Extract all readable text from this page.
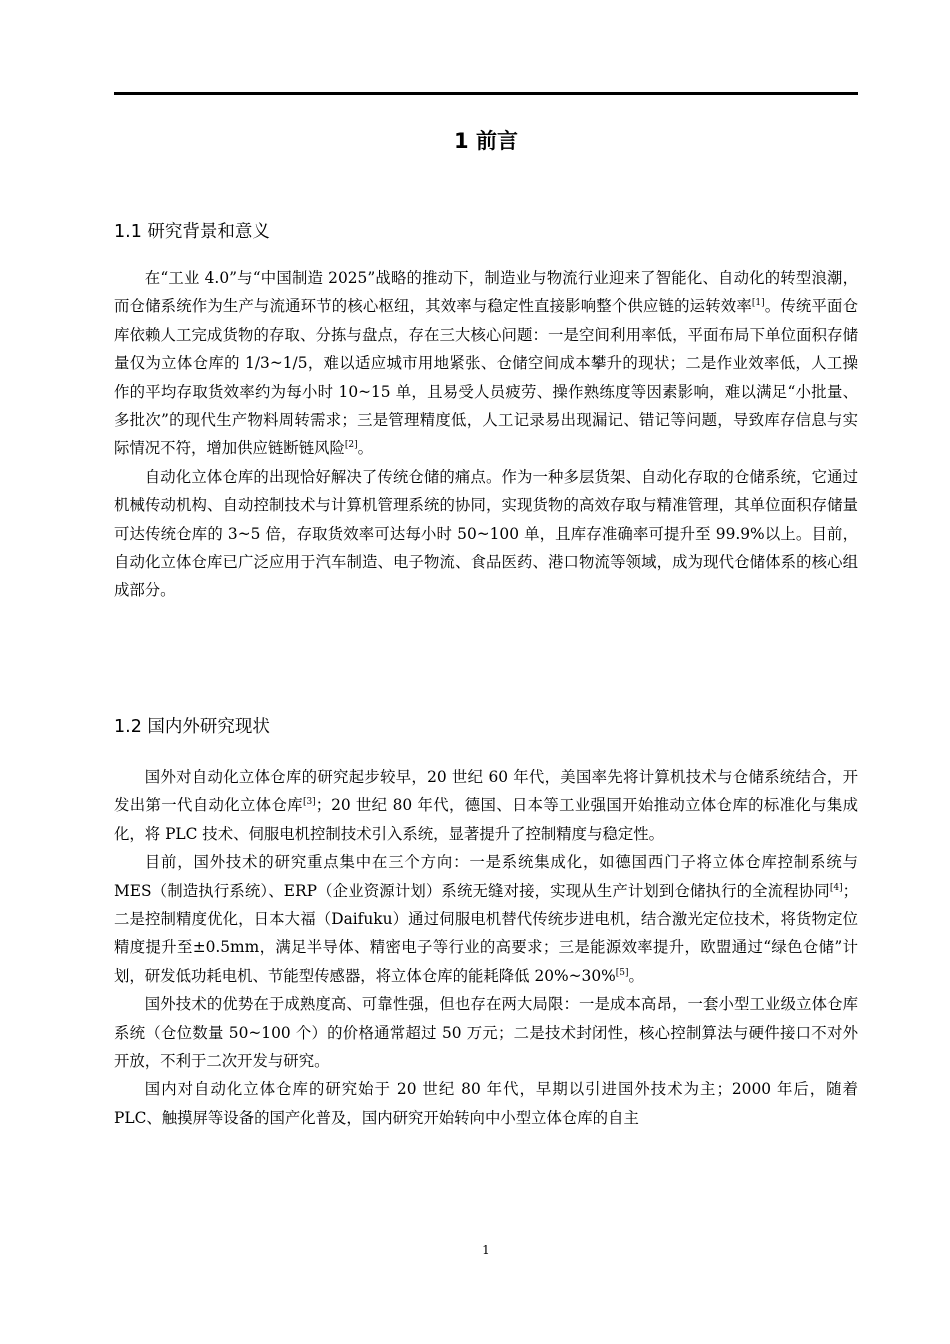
1 前言
1.1 研究背景和意义

在“工业 4.0”与“中国制造 2025”战略的推动下，制造业与物流行业迎来了智能化、自动化的转型浪潮，而仓储系统作为生产与流通环节的核心枢纽，其效率与稳定性直接影响整个供应链的运转效率[1]。传统平面仓库依赖人工完成货物的存取、分拣与盘点，存在三大核心问题：一是空间利用率低，平面布局下单位面积存储量仅为立体仓库的 1/3~1/5，难以适应城市用地紧张、仓储空间成本攀升的现状；二是作业效率低，人工操作的平均存取货效率约为每小时 10~15 单，且易受人员疲劳、操作熟练度等因素影响，难以满足“小批量、多批次”的现代生产物料周转需求；三是管理精度低，人工记录易出现漏记、错记等问题，导致库存信息与实际情况不符，增加供应链断链风险[2]。

自动化立体仓库的出现恰好解决了传统仓储的痛点。作为一种多层货架、自动化存取的仓储系统，它通过机械传动机构、自动控制技术与计算机管理系统的协同，实现货物的高效存取与精准管理，其单位面积存储量可达传统仓库的 3~5 倍，存取货效率可达每小时 50~100 单，且库存准确率可提升至 99.9%以上。目前，自动化立体仓库已广泛应用于汽车制造、电子物流、食品医药、港口物流等领域，成为现代仓储体系的核心组成部分。

1.2 国内外研究现状

国外对自动化立体仓库的研究起步较早，20 世纪 60 年代，美国率先将计算机技术与仓储系统结合，开发出第一代自动化立体仓库[3]；20 世纪 80 年代，德国、日本等工业强国开始推动立体仓库的标准化与集成化，将 PLC 技术、伺服电机控制技术引入系统，显著提升了控制精度与稳定性。

目前，国外技术的研究重点集中在三个方向：一是系统集成化，如德国西门子将立体仓库控制系统与 MES（制造执行系统）、ERP（企业资源计划）系统无缝对接，实现从生产计划到仓储执行的全流程协同[4]；二是控制精度优化，日本大福（Daifuku）通过伺服电机替代传统步进电机，结合激光定位技术，将货物定位精度提升至±0.5mm，满足半导体、精密电子等行业的高要求；三是能源效率提升，欧盟通过“绿色仓储”计划，研发低功耗电机、节能型传感器，将立体仓库的能耗降低 20%~30%[5]。

国外技术的优势在于成熟度高、可靠性强，但也存在两大局限：一是成本高昂，一套小型工业级立体仓库系统（仓位数量 50~100 个）的价格通常超过 50 万元；二是技术封闭性，核心控制算法与硬件接口不对外开放，不利于二次开发与研究。

国内对自动化立体仓库的研究始于 20 世纪 80 年代，早期以引进国外技术为主；2000 年后，随着 PLC、触摸屏等设备的国产化普及，国内研究开始转向中小型立体仓库的自主

1
